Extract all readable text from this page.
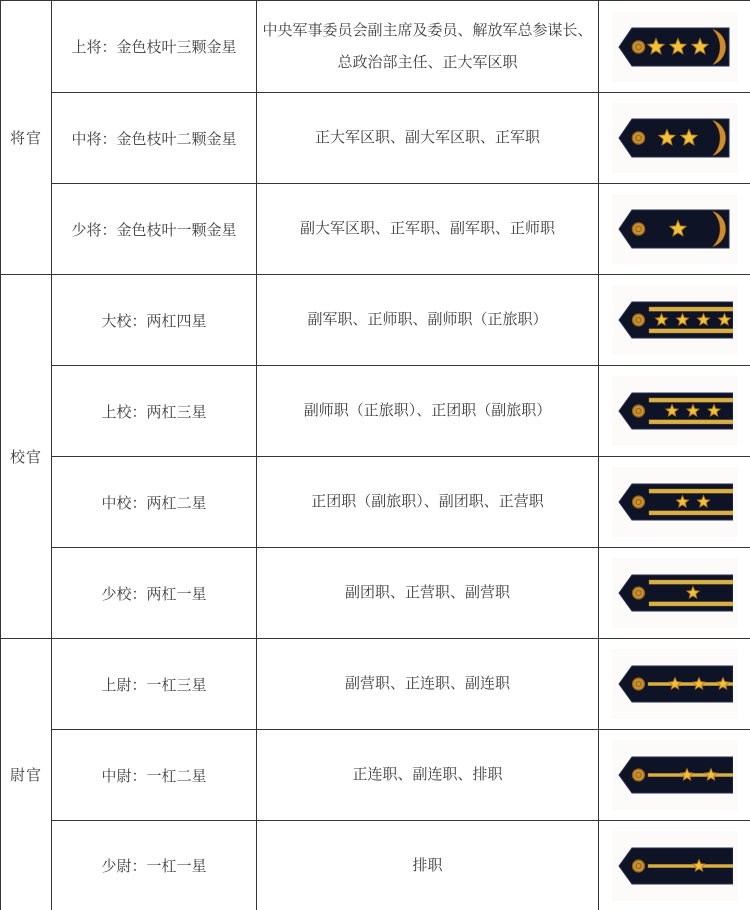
将官	上将：金色枝叶三颗金星	中央军事委员会副主席及委员、解放军总参谋长、总政治部主任、正大军区职	

	中将：金色枝叶二颗金星	正大军区职、副大军区职、正军职	

	少将：金色枝叶一颗金星	副大军区职、正军职、副军职、正师职	

校官	大校：两杠四星	副军职、正师职、副师职（正旅职）	

	上校：两杠三星	副师职（正旅职）、正团职（副旅职）	

	中校：两杠二星	正团职（副旅职）、副团职、正营职	

	少校：两杠一星	副团职、正营职、副营职	

尉官	上尉：一杠三星	副营职、正连职、副连职	

	中尉：一杠二星	正连职、副连职、排职	

	少尉：一杠一星	排职	
